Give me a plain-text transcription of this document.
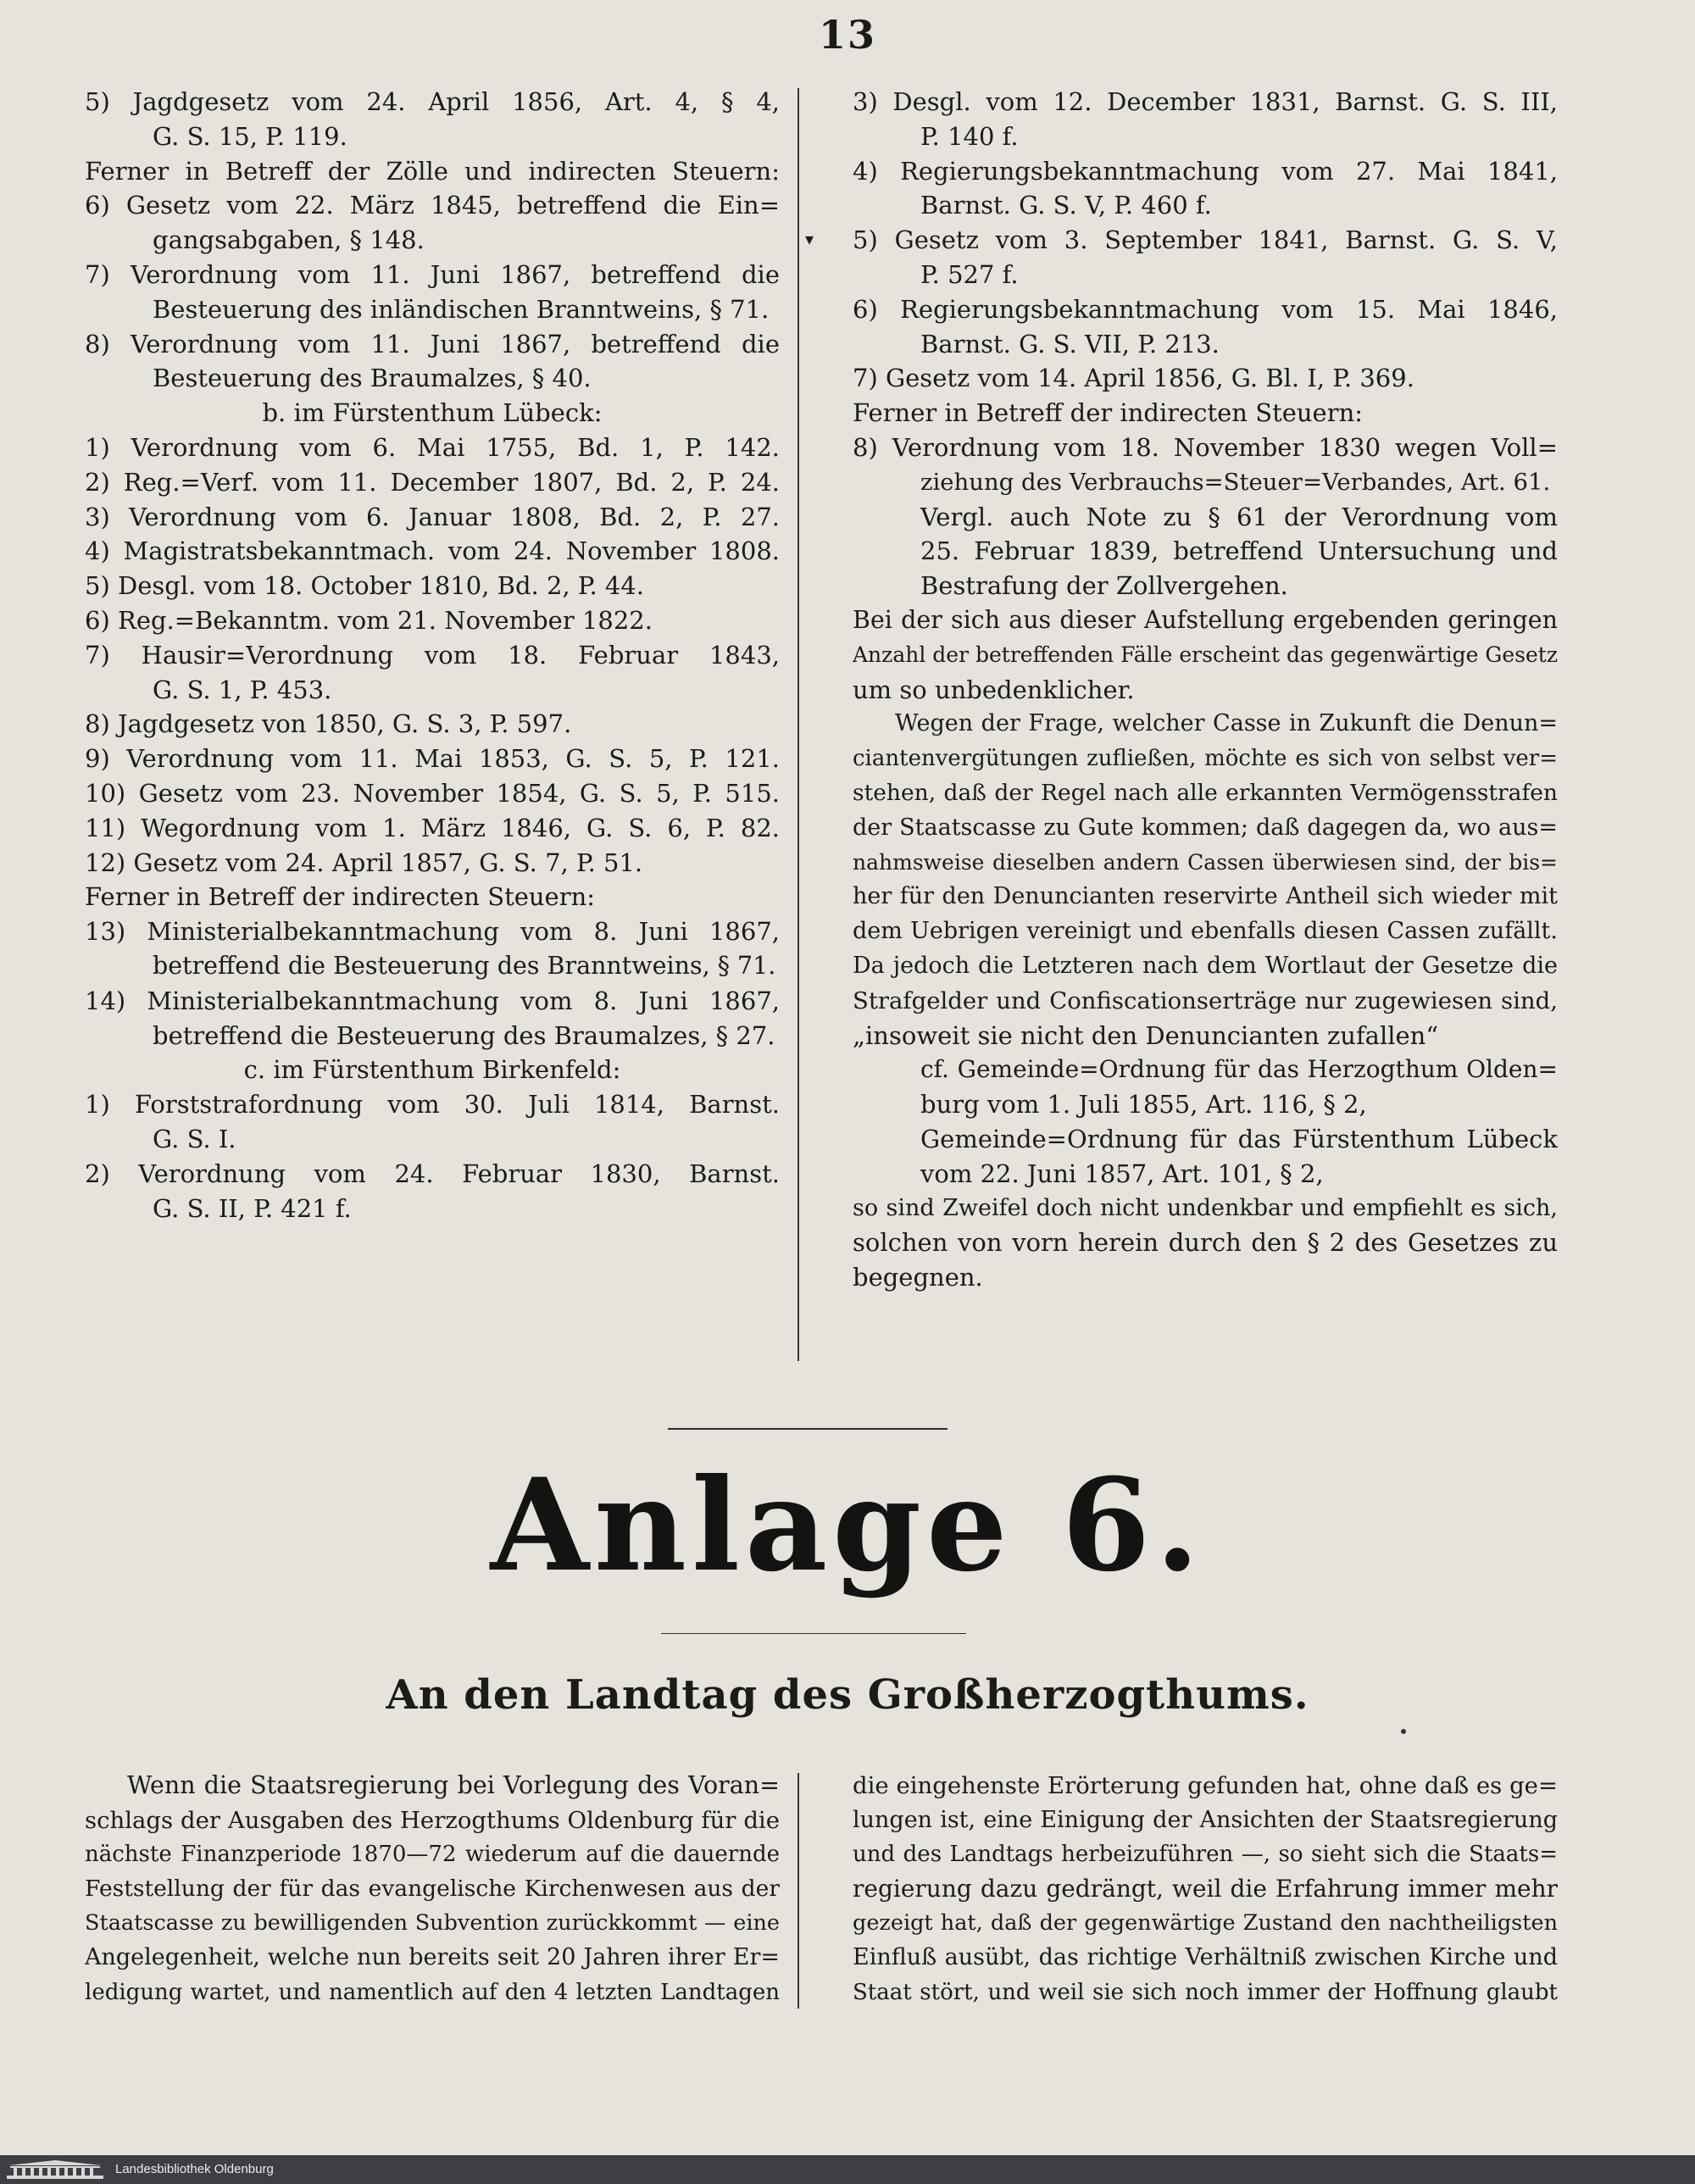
13
▾
5) Jagdgesetz vom 24. April 1856, Art. 4, § 4,
G. S. 15, P. 119.
Ferner in Betreff der Zölle und indirecten Steuern:
6) Gesetz vom 22. März 1845, betreffend die Ein=
gangsabgaben, § 148.
7) Verordnung vom 11. Juni 1867, betreffend die
Besteuerung des inländischen Branntweins, § 71.
8) Verordnung vom 11. Juni 1867, betreffend die
Besteuerung des Braumalzes, § 40.
b. im Fürstenthum Lübeck:
1) Verordnung vom 6. Mai 1755, Bd. 1, P. 142.
2) Reg.=Verf. vom 11. December 1807, Bd. 2, P. 24.
3) Verordnung vom 6. Januar 1808, Bd. 2, P. 27.
4) Magistratsbekanntmach. vom 24. November 1808.
5) Desgl. vom 18. October 1810, Bd. 2, P. 44.
6) Reg.=Bekanntm. vom 21. November 1822.
7) Hausir=Verordnung vom 18. Februar 1843,
G. S. 1, P. 453.
8) Jagdgesetz von 1850, G. S. 3, P. 597.
9) Verordnung vom 11. Mai 1853, G. S. 5, P. 121.
10) Gesetz vom 23. November 1854, G. S. 5, P. 515.
11) Wegordnung vom 1. März 1846, G. S. 6, P. 82.
12) Gesetz vom 24. April 1857, G. S. 7, P. 51.
Ferner in Betreff der indirecten Steuern:
13) Ministerialbekanntmachung vom 8. Juni 1867,
betreffend die Besteuerung des Branntweins, § 71.
14) Ministerialbekanntmachung vom 8. Juni 1867,
betreffend die Besteuerung des Braumalzes, § 27.
c. im Fürstenthum Birkenfeld:
1) Forststrafordnung vom 30. Juli 1814, Barnst.
G. S. I.
2) Verordnung vom 24. Februar 1830, Barnst.
G. S. II, P. 421 f.
3) Desgl. vom 12. December 1831, Barnst. G. S. III,
P. 140 f.
4) Regierungsbekanntmachung vom 27. Mai 1841,
Barnst. G. S. V, P. 460 f.
5) Gesetz vom 3. September 1841, Barnst. G. S. V,
P. 527 f.
6) Regierungsbekanntmachung vom 15. Mai 1846,
Barnst. G. S. VII, P. 213.
7) Gesetz vom 14. April 1856, G. Bl. I, P. 369.
Ferner in Betreff der indirecten Steuern:
8) Verordnung vom 18. November 1830 wegen Voll=
ziehung des Verbrauchs=Steuer=Verbandes, Art. 61.
Vergl. auch Note zu § 61 der Verordnung vom
25. Februar 1839, betreffend Untersuchung und
Bestrafung der Zollvergehen.
Bei der sich aus dieser Aufstellung ergebenden geringen
Anzahl der betreffenden Fälle erscheint das gegenwärtige Gesetz
um so unbedenklicher.
Wegen der Frage, welcher Casse in Zukunft die Denun=
ciantenvergütungen zufließen, möchte es sich von selbst ver=
stehen, daß der Regel nach alle erkannten Vermögensstrafen
der Staatscasse zu Gute kommen; daß dagegen da, wo aus=
nahmsweise dieselben andern Cassen überwiesen sind, der bis=
her für den Denuncianten reservirte Antheil sich wieder mit
dem Uebrigen vereinigt und ebenfalls diesen Cassen zufällt.
Da jedoch die Letzteren nach dem Wortlaut der Gesetze die
Strafgelder und Confiscationserträge nur zugewiesen sind,
„insoweit sie nicht den Denuncianten zufallen“
cf. Gemeinde=Ordnung für das Herzogthum Olden=
burg vom 1. Juli 1855, Art. 116, § 2,
Gemeinde=Ordnung für das Fürstenthum Lübeck
vom 22. Juni 1857, Art. 101, § 2,
so sind Zweifel doch nicht undenkbar und empfiehlt es sich,
solchen von vorn herein durch den § 2 des Gesetzes zu
begegnen.
Anlage 6.
An den Landtag des Großherzogthums.
Wenn die Staatsregierung bei Vorlegung des Voran=
schlags der Ausgaben des Herzogthums Oldenburg für die
nächste Finanzperiode 1870—72 wiederum auf die dauernde
Feststellung der für das evangelische Kirchenwesen aus der
Staatscasse zu bewilligenden Subvention zurückkommt — eine
Angelegenheit, welche nun bereits seit 20 Jahren ihrer Er=
ledigung wartet, und namentlich auf den 4 letzten Landtagen
die eingehenste Erörterung gefunden hat, ohne daß es ge=
lungen ist, eine Einigung der Ansichten der Staatsregierung
und des Landtags herbeizuführen —, so sieht sich die Staats=
regierung dazu gedrängt, weil die Erfahrung immer mehr
gezeigt hat, daß der gegenwärtige Zustand den nachtheiligsten
Einfluß ausübt, das richtige Verhältniß zwischen Kirche und
Staat stört, und weil sie sich noch immer der Hoffnung glaubt
Landesbibliothek Oldenburg
